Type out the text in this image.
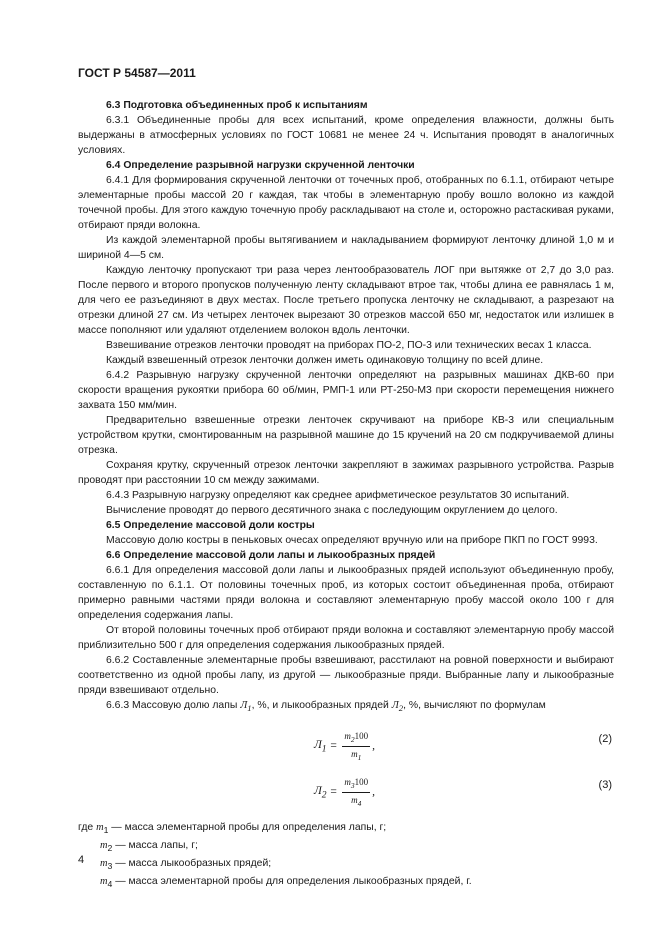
ГОСТ Р 54587—2011

6.3 Подготовка объединенных проб к испытаниям

6.3.1 Объединенные пробы для всех испытаний, кроме определения влажности, должны быть выдержаны в атмосферных условиях по ГОСТ 10681 не менее 24 ч. Испытания проводят в аналогичных условиях.

6.4 Определение разрывной нагрузки скрученной ленточки

6.4.1 Для формирования скрученной ленточки от точечных проб, отобранных по 6.1.1, отбирают четыре элементарные пробы массой 20 г каждая, так чтобы в элементарную пробу вошло волокно из каждой точечной пробы. Для этого каждую точечную пробу раскладывают на столе и, осторожно растаскивая руками, отбирают пряди волокна.

Из каждой элементарной пробы вытягиванием и накладыванием формируют ленточку длиной 1,0 м и шириной 4—5 см.

Каждую ленточку пропускают три раза через лентообразователь ЛОГ при вытяжке от 2,7 до 3,0 раз. После первого и второго пропусков полученную ленту складывают втрое так, чтобы длина ее равнялась 1 м, для чего ее разъединяют в двух местах. После третьего пропуска ленточку не складывают, а разрезают на отрезки длиной 27 см. Из четырех ленточек вырезают 30 отрезков массой 650 мг, недостаток или излишек в массе пополняют или удаляют отделением волокон вдоль ленточки.

Взвешивание отрезков ленточки проводят на приборах ПО-2, ПО-3 или технических весах 1 класса.

Каждый взвешенный отрезок ленточки должен иметь одинаковую толщину по всей длине.

6.4.2 Разрывную нагрузку скрученной ленточки определяют на разрывных машинах ДКВ-60 при скорости вращения рукоятки прибора 60 об/мин, РМП-1 или РТ-250-М3 при скорости перемещения нижнего захвата 150 мм/мин.

Предварительно взвешенные отрезки ленточек скручивают на приборе КВ-3 или специальным устройством крутки, смонтированным на разрывной машине до 15 кручений на 20 см подкручиваемой длины отрезка.

Сохраняя крутку, скрученный отрезок ленточки закрепляют в зажимах разрывного устройства. Разрыв проводят при расстоянии 10 см между зажимами.

6.4.3 Разрывную нагрузку определяют как среднее арифметическое результатов 30 испытаний.

Вычисление проводят до первого десятичного знака с последующим округлением до целого.

6.5 Определение массовой доли костры

Массовую долю костры в пеньковых очесах определяют вручную или на приборе ПКП по ГОСТ 9993.

6.6 Определение массовой доли лапы и лыкообразных прядей

6.6.1 Для определения массовой доли лапы и лыкообразных прядей используют объединенную пробу, составленную по 6.1.1. От половины точечных проб, из которых состоит объединенная проба, отбирают примерно равными частями пряди волокна и составляют элементарную пробу массой около 100 г для определения содержания лапы.

От второй половины точечных проб отбирают пряди волокна и составляют элементарную пробу массой приблизительно 500 г для определения содержания лыкообразных прядей.

6.6.2 Составленные элементарные пробы взвешивают, расстилают на ровной поверхности и выбирают соответственно из одной пробы лапу, из другой — лыкообразные пряди. Выбранные лапу и лыкообразные пряди взвешивают отдельно.

6.6.3 Массовую долю лапы $Л_1$, %, и лыкообразных прядей $Л_2$, %, вычисляют по формулам

$Л_1 = \frac{m_2100}{m_1}$ ,
(2)
$Л_2 = \frac{m_3100}{m_4}$ ,
(3)
где $m_1$ — масса элементарной пробы для определения лапы, г;
$m_2$ — масса лапы, г;
$m_3$ — масса лыкообразных прядей;
$m_4$ — масса элементарной пробы для определения лыкообразных прядей, г.
4
